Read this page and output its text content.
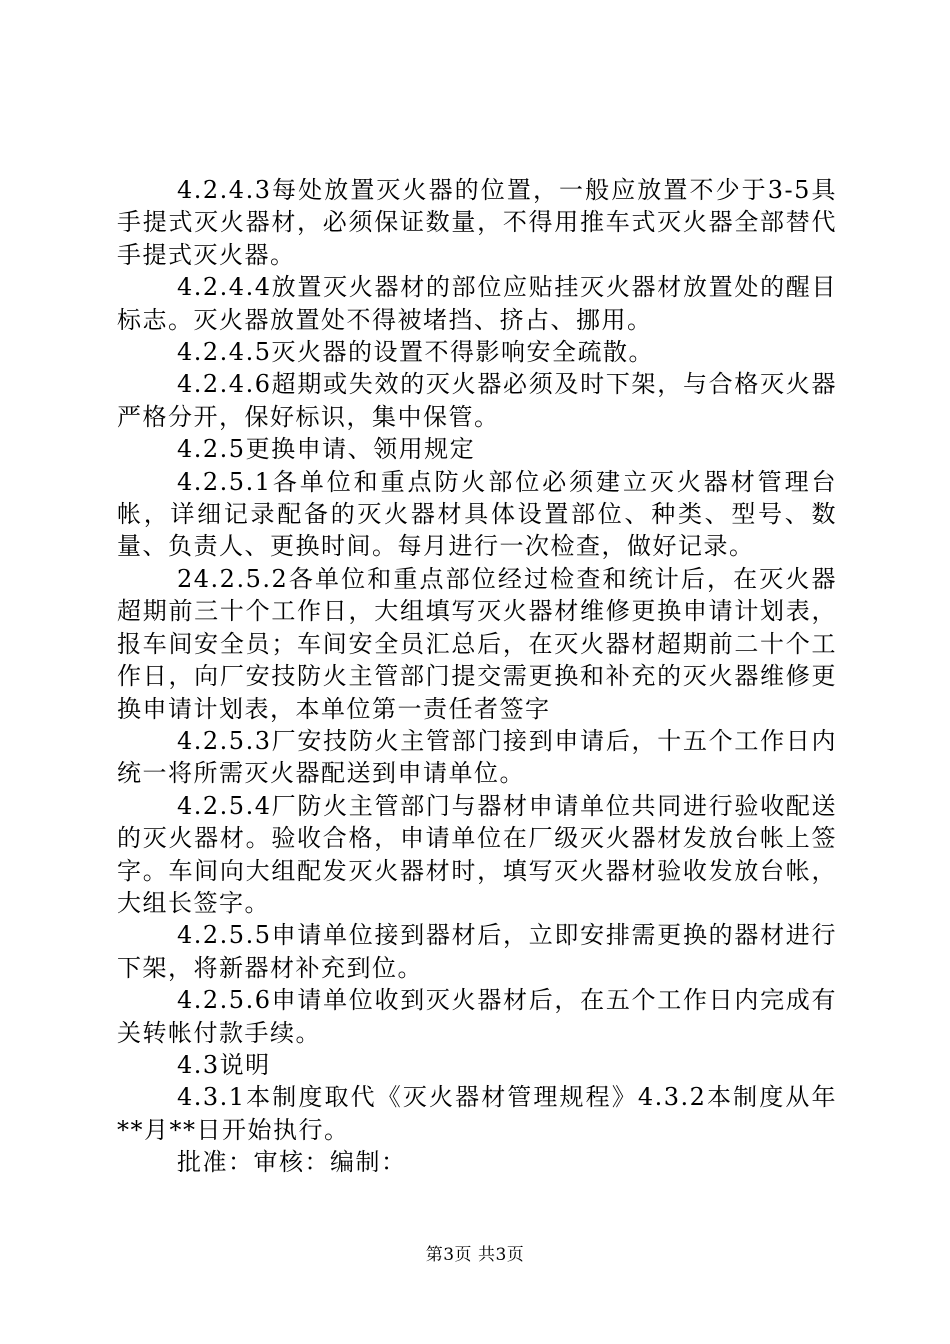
4.2.4.3每处放置灭火器的位置，一般应放置不少于3-5具手提式灭火器材，必须保证数量，不得用推车式灭火器全部替代手提式灭火器。

4.2.4.4放置灭火器材的部位应贴挂灭火器材放置处的醒目标志。灭火器放置处不得被堵挡、挤占、挪用。

4.2.4.5灭火器的设置不得影响安全疏散。

4.2.4.6超期或失效的灭火器必须及时下架，与合格灭火器严格分开，保好标识，集中保管。

4.2.5更换申请、领用规定

4.2.5.1各单位和重点防火部位必须建立灭火器材管理台帐，详细记录配备的灭火器材具体设置部位、种类、型号、数量、负责人、更换时间。每月进行一次检查，做好记录。

24.2.5.2各单位和重点部位经过检查和统计后，在灭火器超期前三十个工作日，大组填写灭火器材维修更换申请计划表，报车间安全员；车间安全员汇总后，在灭火器材超期前二十个工作日，向厂安技防火主管部门提交需更换和补充的灭火器维修更换申请计划表，本单位第一责任者签字

4.2.5.3厂安技防火主管部门接到申请后，十五个工作日内统一将所需灭火器配送到申请单位。

4.2.5.4厂防火主管部门与器材申请单位共同进行验收配送的灭火器材。验收合格，申请单位在厂级灭火器材发放台帐上签字。车间向大组配发灭火器材时，填写灭火器材验收发放台帐，大组长签字。

4.2.5.5申请单位接到器材后，立即安排需更换的器材进行下架，将新器材补充到位。

4.2.5.6申请单位收到灭火器材后，在五个工作日内完成有关转帐付款手续。

4.3说明

4.3.1本制度取代《灭火器材管理规程》4.3.2本制度从年**月**日开始执行。

批准：审核：编制：

第3页 共3页
